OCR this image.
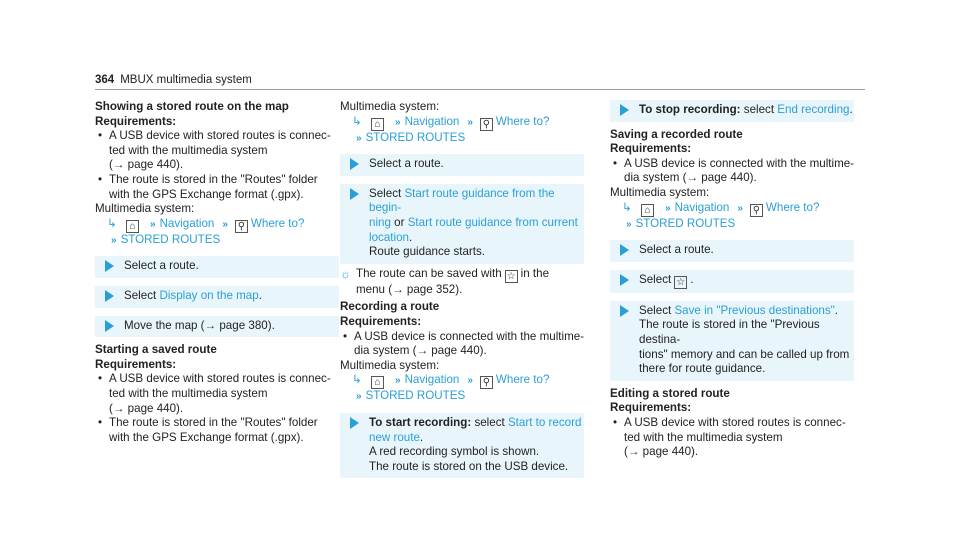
364 MBUX multimedia system
Showing a stored route on the map
Requirements:
• A USB device with stored routes is connec-
ted with the multimedia system
(→ page 440).
• The route is stored in the "Routes" folder
with the GPS Exchange format (.gpx).
Multimedia system:
↳ ⌂ » Navigation » ⚲ Where to?
» STORED ROUTES
Select a route.
Select Display on the map.
Move the map (→ page 380).
Starting a saved route
Requirements:
• A USB device with stored routes is connec-
ted with the multimedia system
(→ page 440).
• The route is stored in the "Routes" folder
with the GPS Exchange format (.gpx).
Multimedia system:
↳ ⌂ » Navigation » ⚲ Where to?
» STORED ROUTES
Select a route.
Select Start route guidance from the begin-
ning or Start route guidance from current
location.
Route guidance starts.
☼ The route can be saved with ☆ in the
menu (→ page 352).
Recording a route
Requirements:
• A USB device is connected with the multime-
dia system (→ page 440).
Multimedia system:
↳ ⌂ » Navigation » ⚲ Where to?
» STORED ROUTES
To start recording: select Start to record
new route.
A red recording symbol is shown.
The route is stored on the USB device.
To stop recording: select End recording.
Saving a recorded route
Requirements:
• A USB device is connected with the multime-
dia system (→ page 440).
Multimedia system:
↳ ⌂ » Navigation » ⚲ Where to?
» STORED ROUTES
Select a route.
Select ☆ .
Select Save in "Previous destinations".
The route is stored in the "Previous destina-
tions" memory and can be called up from
there for route guidance.
Editing a stored route
Requirements:
• A USB device with stored routes is connec-
ted with the multimedia system
(→ page 440).
